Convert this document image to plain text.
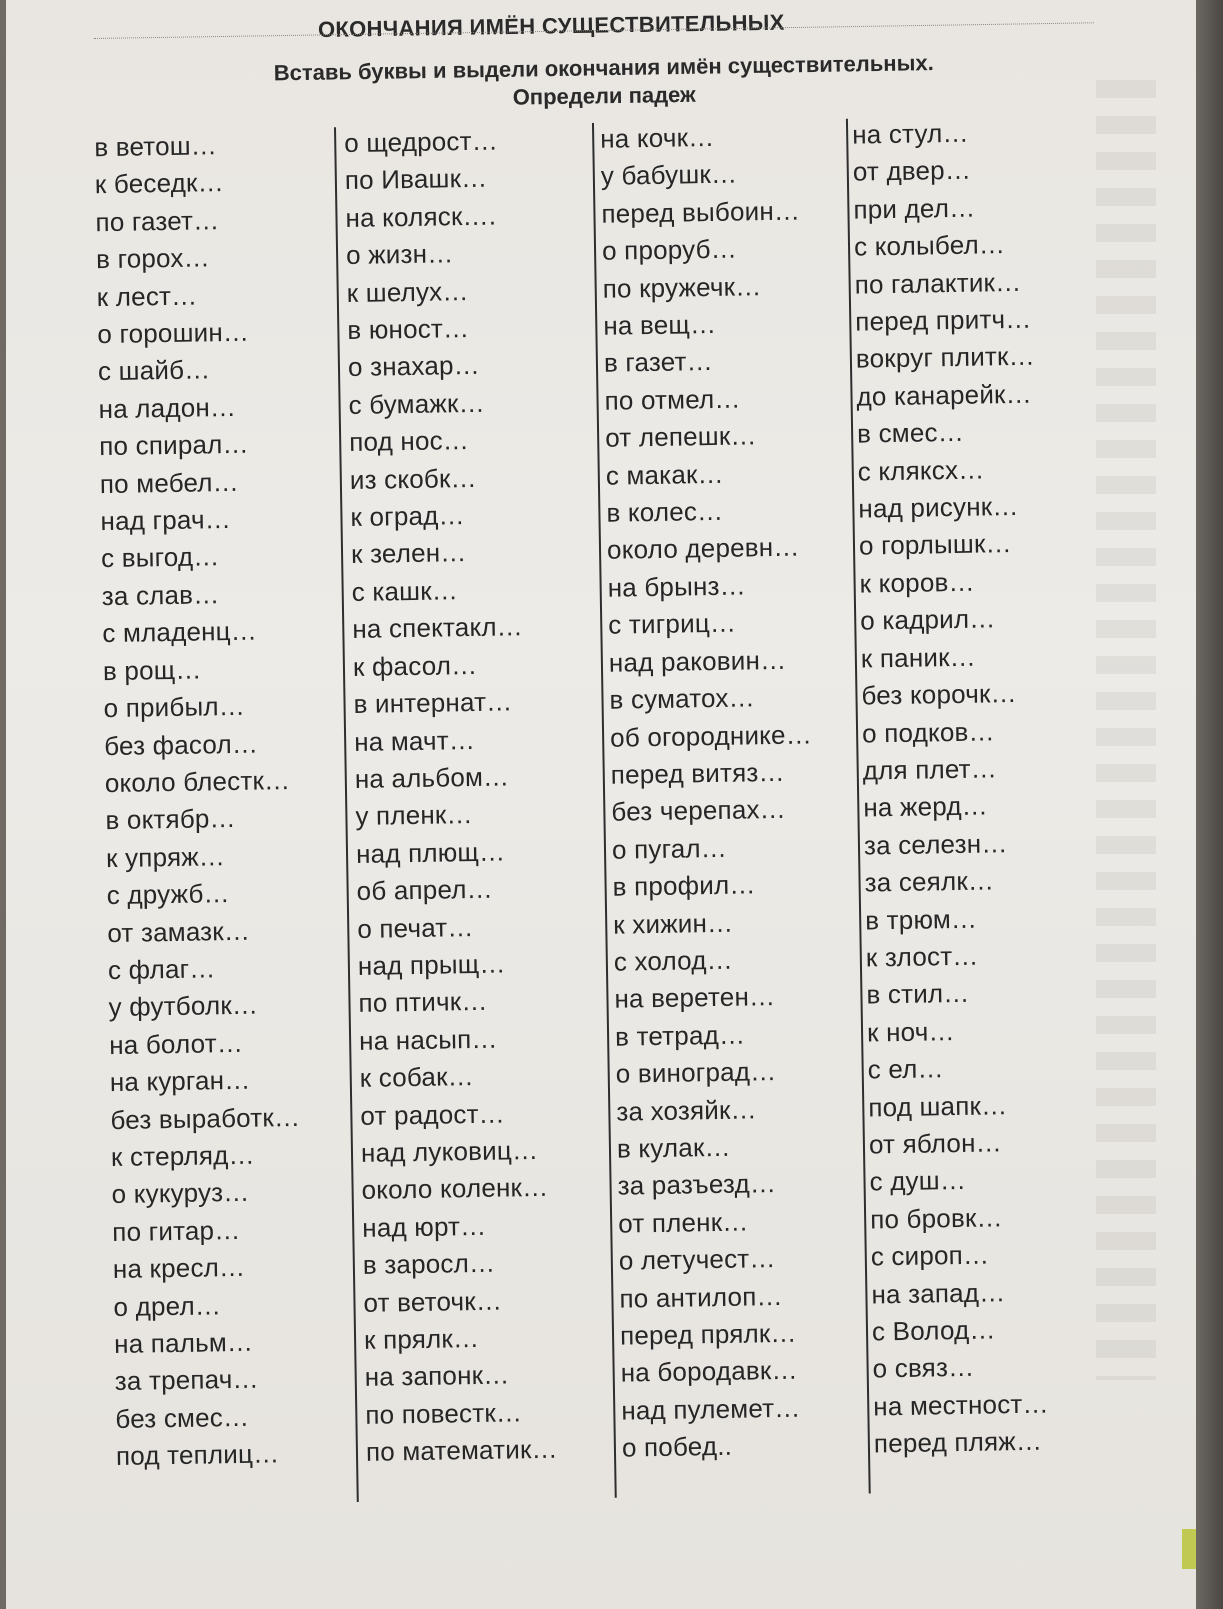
ОКОНЧАНИЯ ИМЁН СУЩЕСТВИТЕЛЬНЫХ
Вставь буквы и выдели окончания имён существительных.
Определи падеж
в ветош…
к беседк…
по газет…
в горох…
к лест…
о горошин…
с шайб…
на ладон…
по спирал…
по мебел…
над грач…
с выгод…
за слав…
с младенц…
в рощ…
о прибыл…
без фасол…
около блестк…
в октябр…
к упряж…
с дружб…
от замазк…
с флаг…
у футболк…
на болот…
на курган…
без выработк…
к стерляд…
о кукуруз…
по гитар…
на кресл…
о дрел…
на пальм…
за трепач…
без смес…
под теплиц…
о щедрост…
по Ивашк…
на коляск….
о жизн…
к шелух…
в юност…
о знахар…
с бумажк…
под нос…
из скобк…
к оград…
к зелен…
с кашк…
на спектакл…
к фасол…
в интернат…
на мачт…
на альбом…
у пленк…
над плющ…
об апрел…
о печат…
над прыщ…
по птичк…
на насып…
к собак…
от радост…
над луковиц…
около коленк…
над юрт…
в заросл…
от веточк…
к прялк…
на запонк…
по повестк…
по математик…
на кочк…
у бабушк…
перед выбоин…
о проруб…
по кружечк…
на вещ…
в газет…
по отмел…
от лепешк…
с макак…
в колес…
около деревн…
на брынз…
с тигриц…
над раковин…
в суматох…
об огороднике…
перед витяз…
без черепах…
о пугал…
в профил…
к хижин…
с холод…
на веретен…
в тетрад…
о виноград…
за хозяйк…
в кулак…
за разъезд…
от пленк…
о летучест…
по антилоп…
перед прялк…
на бородавк…
над пулемет…
о побед..
на стул…
от двер…
при дел…
с колыбел…
по галактик…
перед притч…
вокруг плитк…
до канарейк…
в смес…
с кляксх…
над рисунк…
о горлышк…
к коров…
о кадрил…
к паник…
без корочк…
о подков…
для плет…
на жерд…
за селезн…
за сеялк…
в трюм…
к злост…
в стил…
к ноч…
с ел…
под шапк…
от яблон…
с душ…
по бровк…
с сироп…
на запад…
с Волод…
о связ…
на местност…
перед пляж…
